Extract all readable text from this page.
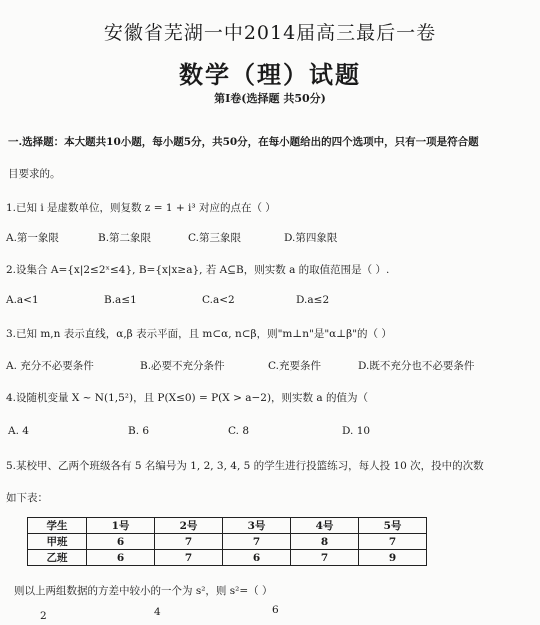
安徽省芜湖一中2014届高三最后一卷
数学（理）试题
第Ⅰ卷(选择题 共50分)
一.选择题：本大题共10小题，每小题5分，共50分，在每小题给出的四个选项中，只有一项是符合题
目要求的。
1.已知 i 是虚数单位，则复数 z = 1 + i³ 对应的点在（ ）
A.第一象限	B.第二象限	C.第三象限	D.第四象限
2.设集合 A={x|2≤2ˣ≤4}, B={x|x≥a}, 若 A⊆B，则实数 a 的取值范围是（ ）.
A.a<1	B.a≤1	C.a<2	D.a≤2
3.已知 m,n 表示直线，α,β 表示平面，且 m⊂α, n⊂β，则"m⊥n"是"α⊥β"的（ ）
A. 充分不必要条件	B.必要不充分条件	C.充要条件	D.既不充分也不必要条件
4.设随机变量 X ~ N(1,5²)，且 P(X≤0) = P(X > a−2)，则实数 a 的值为（
A. 4	B. 6	C. 8	D. 10
5.某校甲、乙两个班级各有 5 名编号为 1, 2, 3, 4, 5 的学生进行投篮练习，每人投 10 次，投中的次数
如下表：
学生	1号	2号	3号	4号	5号
甲班	6	7	7	8	7
乙班	6	7	6	7	9
则以上两组数据的方差中较小的一个为 s²，则 s²=（ ）
2	4	6
